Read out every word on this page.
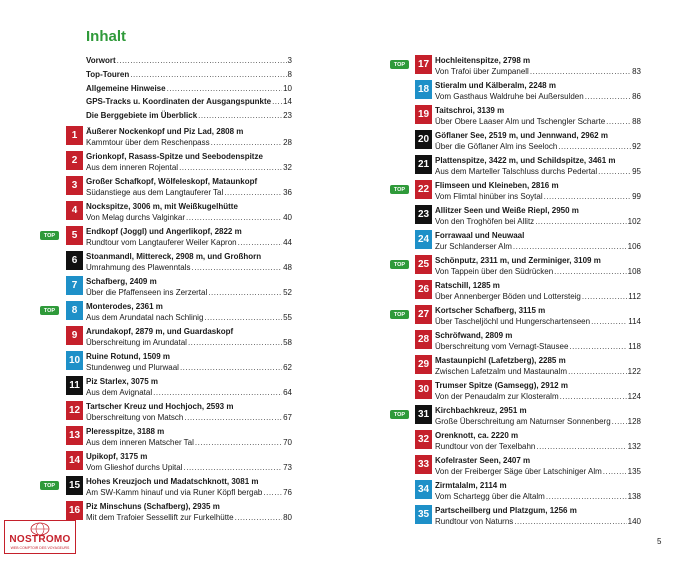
Inhalt
Vorwort .....	3
Top-Touren .....	8
Allgemeine Hinweise .....	10
GPS-Tracks u. Koordinaten der Ausgangspunkte ..... 14
Die Berggebiete im Überblick .....	23
1	Äußerer Nockenkopf und Piz Lad, 2808 m
Kammtour über dem Reschenpass .....	28
2	Grionkopf, Rasass-Spitze und Seebodenspitze
Aus dem inneren Rojental .....	32
3	Großer Schafkopf, Wölfeleskopf, Mataunkopf
Südanstiege aus dem Langtauferer Tal .....	36
4	Nockspitze, 3006 m, mit Weißkugelhütte
Von Melag durchs Valginkar .....	40
5	Endkopf (Joggl) und Angerlikopf, 2822 m
Rundtour vom Langtauferer Weiler Kapron .....	44
6	Stoanmandl, Mittereck, 2908 m, und Großhorn
Umrahmung des Plawenntals .....	48
7	Schafberg, 2409 m
Über die Pfaffenseen ins Zerzertal .....	52
8	Monterodes, 2361 m
Aus dem Arundatal nach Schlinig .....	55
9	Arundakopf, 2879 m, und Guardaskopf
Überschreitung im Arundatal .....	58
10 Ruine Rotund, 1509 m
Stundenweg und Plurwaal .....	62
11 Piz Starlex, 3075 m
Aus dem Avignatal .....	64
12 Tartscher Kreuz und Hochjoch, 2593 m
Überschreitung von Matsch .....	67
13 Pleresspitze, 3188 m
Aus dem inneren Matscher Tal .....	70
14 Upikopf, 3175 m
Vom Glieshof durchs Upital .....	73
15 Hohes Kreuzjoch und Madatschknott, 3081 m
Am SW-Kamm hinauf und via Runer Köpfl bergab .....	76
16 Piz Minschuns (Schafberg), 2935 m
Mit dem Trafoier Sessellift zur Furkelhütte .....	80
17 Hochleitenspitze, 2798 m
Von Trafoi über Zumpanell .....	83
18 Stieralm und Kälberalm, 2248 m
Vom Gasthaus Waldruhe bei Außersulden .....	86
19 Taitschroi, 3139 m
Über Obere Laaser Alm und Tschengler Scharte .....	88
20 Göflaner See, 2519 m, und Jennwand, 2962 m
Über die Göflaner Alm ins Seeloch .....	92
21 Plattenspitze, 3422 m, und Schildspitze, 3461 m
Aus dem Marteller Talschluss durchs Pedertal .....	95
22 Flimseen und Kleineben, 2816 m
Vom Flimtal hinüber ins Soytal .....	99
23 Allitzer Seen und Weiße Riepl, 2950 m
Von den Troghöfen bei Allitz .....	102
24 Forrawaal und Neuwaal
Zur Schlanderser Alm .....	106
25 Schönputz, 2311 m, und Zerminiger, 3109 m
Von Tappein über den Südrücken .....	108
26 Ratschill, 1285 m
Über Annenberger Böden und Lottersteig .....	112
27 Kortscher Schafberg, 3115 m
Über Tascheljöchl und Hungerschartenseen .....	114
28 Schröfwand, 2809 m
Überschreitung vom Vernagt-Stausee .....	118
29 Mastaunpichl (Lafetzberg), 2285 m
Zwischen Lafetzalm und Mastaunalm .....	122
30 Trumser Spitze (Gamsegg), 2912 m
Von der Penaudalm zur Klosteralm .....	124
31 Kirchbachkreuz, 2951 m
Große Überschreitung am Naturnser Sonnenberg ..... 128
32 Orenknott, ca. 2220 m
Rundtour von der Texelbahn .....	132
33 Kofelraster Seen, 2407 m
Von der Freiberger Säge über Latschiniger Alm .....	135
34 Zirmtalalm, 2114 m
Vom Schartegg über die Altalm .....	138
35 Partscheilberg und Platzgum, 1256 m
Rundtour von Naturns .....	140
NOSTROMO
WEB COMPTOIR DES VOYAGEURS
5
TOP
TOP
TOP
TOP
TOP
TOP
TOP
TOP
